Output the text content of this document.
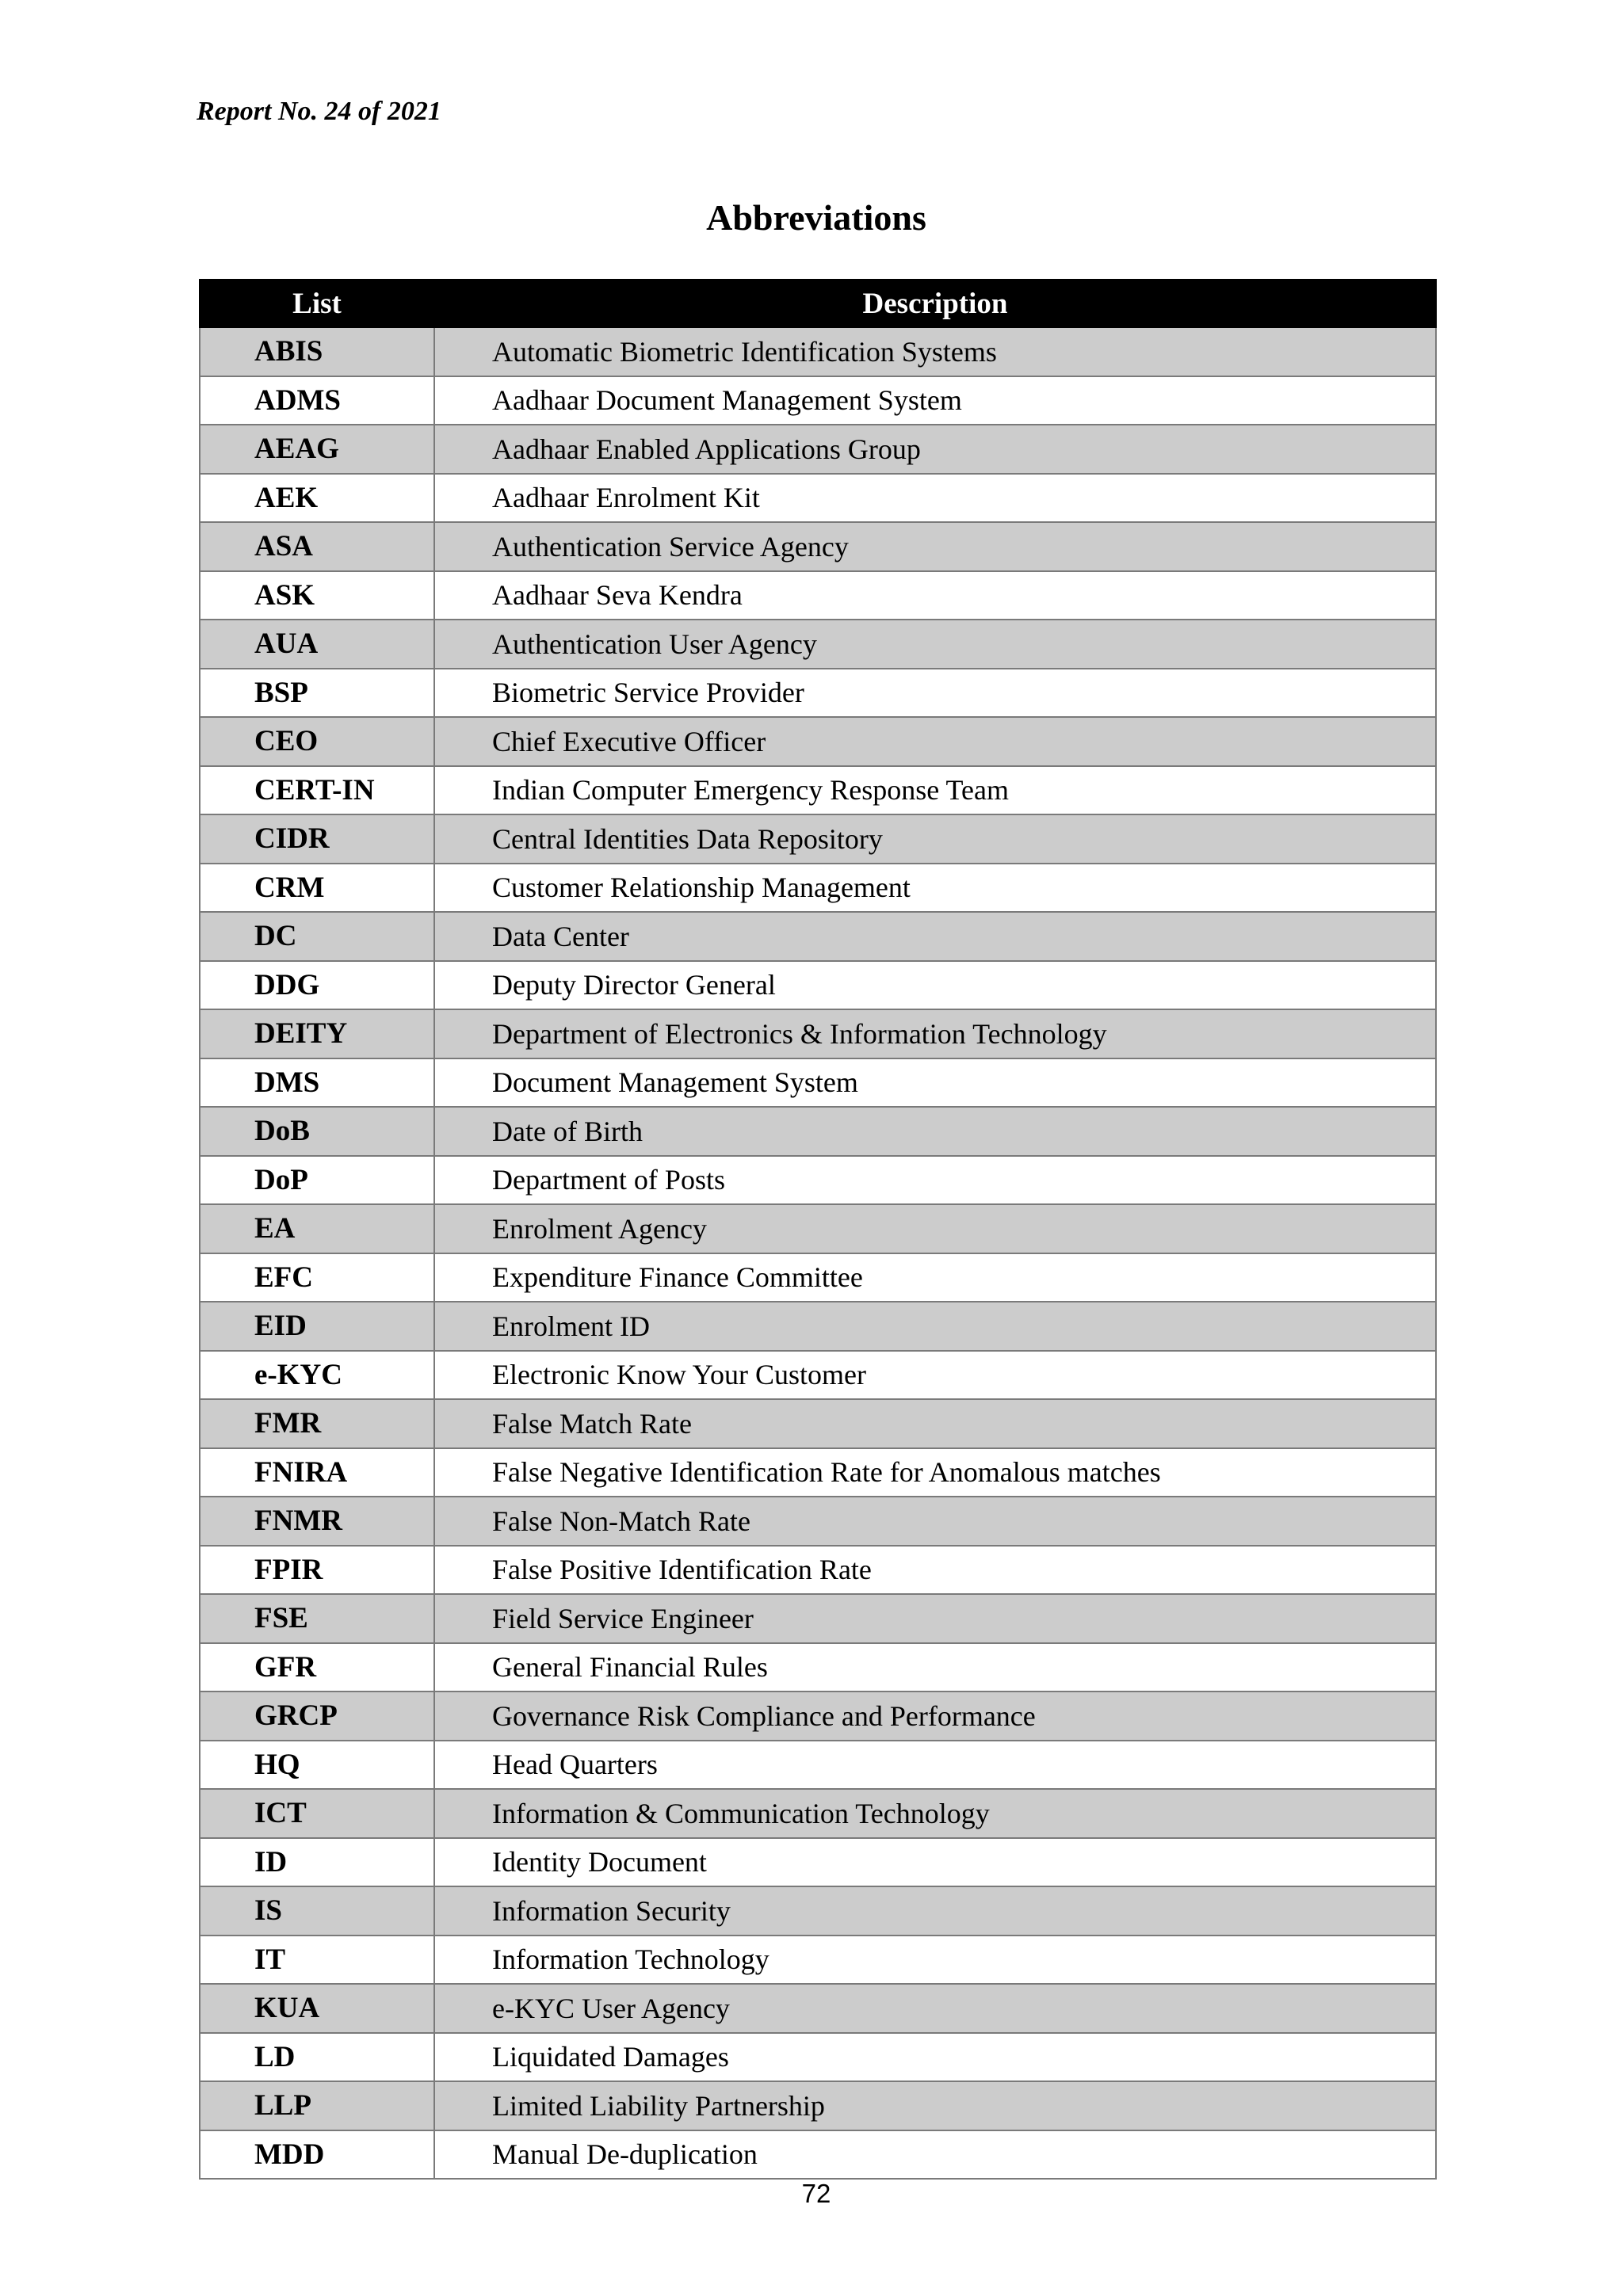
Report No. 24 of 2021
Abbreviations
List	Description
ABIS	Automatic Biometric Identification Systems
ADMS	Aadhaar Document Management System
AEAG	Aadhaar Enabled Applications Group
AEK	Aadhaar Enrolment Kit
ASA	Authentication Service Agency
ASK	Aadhaar Seva Kendra
AUA	Authentication User Agency
BSP	Biometric Service Provider
CEO	Chief Executive Officer
CERT-IN	Indian Computer Emergency Response Team
CIDR	Central Identities Data Repository
CRM	Customer Relationship Management
DC	Data Center
DDG	Deputy Director General
DEITY	Department of Electronics & Information Technology
DMS	Document Management System
DoB	Date of Birth
DoP	Department of Posts
EA	Enrolment Agency
EFC	Expenditure Finance Committee
EID	Enrolment ID
e-KYC	Electronic Know Your Customer
FMR	False Match Rate
FNIRA	False Negative Identification Rate for Anomalous matches
FNMR	False Non-Match Rate
FPIR	False Positive Identification Rate
FSE	Field Service Engineer
GFR	General Financial Rules
GRCP	Governance Risk Compliance and Performance
HQ	Head Quarters
ICT	Information & Communication Technology
ID	Identity Document
IS	Information Security
IT	Information Technology
KUA	e-KYC User Agency
LD	Liquidated Damages
LLP	Limited Liability Partnership
MDD	Manual De-duplication
72
